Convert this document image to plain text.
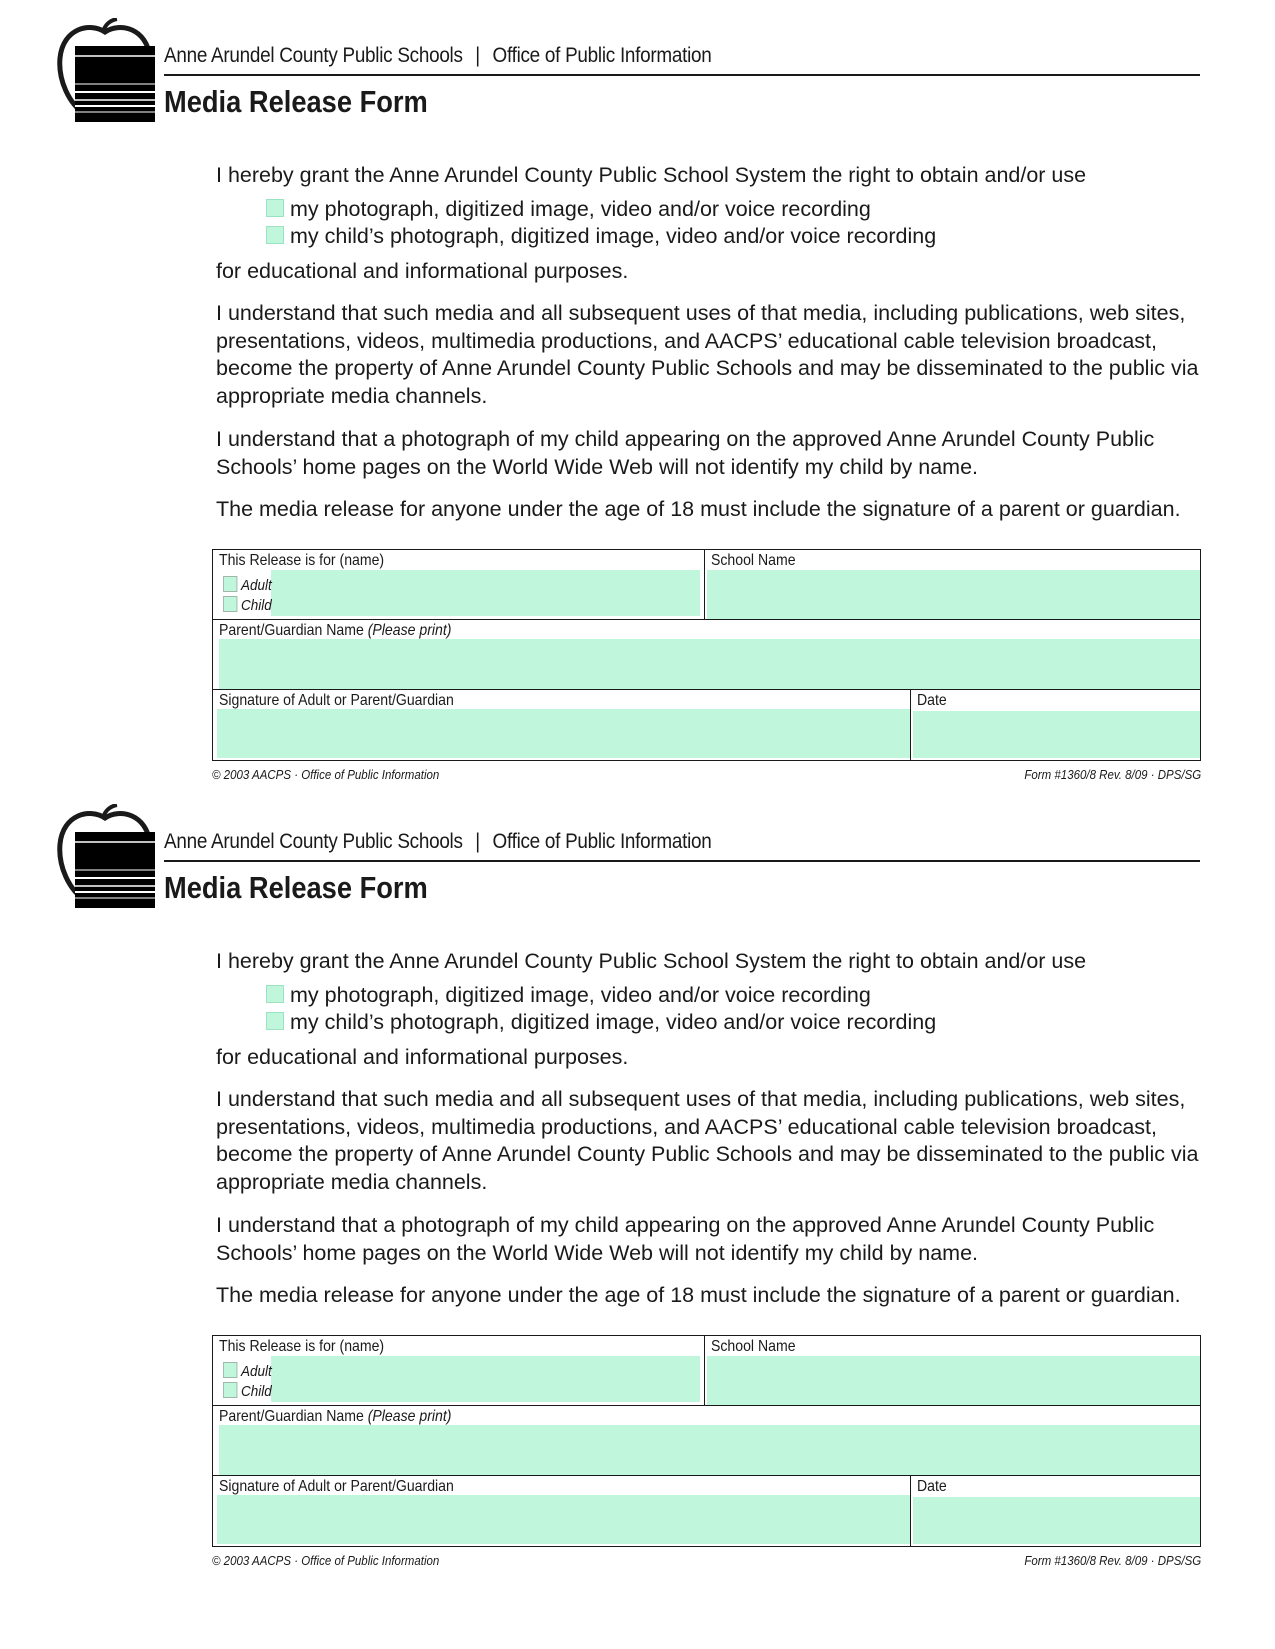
Anne Arundel County Public Schools | Office of Public Information
Media Release Form
I hereby grant the Anne Arundel County Public School System the right to obtain and/or use
my photograph, digitized image, video and/or voice recording
my child’s photograph, digitized image, video and/or voice recording
for educational and informational purposes.
I understand that such media and all subsequent uses of that media, including publications, web sites, presentations, videos, multimedia productions, and AACPS’ educational cable television broadcast, become the property of Anne Arundel County Public Schools and may be disseminated to the public via appropriate media channels.
I understand that a photograph of my child appearing on the approved Anne Arundel County Public Schools’ home pages on the World Wide Web will not identify my child by name.
The media release for anyone under the age of 18 must include the signature of a parent or guardian.
This Release is for (name)
Adult
Child
School Name
Parent/Guardian Name (Please print)
Signature of Adult or Parent/Guardian	Date
© 2003 AACPS · Office of Public Information	Form #1360/8 Rev. 8/09 · DPS/SG
Anne Arundel County Public Schools | Office of Public Information
Media Release Form
I hereby grant the Anne Arundel County Public School System the right to obtain and/or use
my photograph, digitized image, video and/or voice recording
my child’s photograph, digitized image, video and/or voice recording
for educational and informational purposes.
I understand that such media and all subsequent uses of that media, including publications, web sites, presentations, videos, multimedia productions, and AACPS’ educational cable television broadcast, become the property of Anne Arundel County Public Schools and may be disseminated to the public via appropriate media channels.
I understand that a photograph of my child appearing on the approved Anne Arundel County Public Schools’ home pages on the World Wide Web will not identify my child by name.
The media release for anyone under the age of 18 must include the signature of a parent or guardian.
This Release is for (name)
Adult
Child
School Name
Parent/Guardian Name (Please print)
Signature of Adult or Parent/Guardian	Date
© 2003 AACPS · Office of Public Information	Form #1360/8 Rev. 8/09 · DPS/SG
